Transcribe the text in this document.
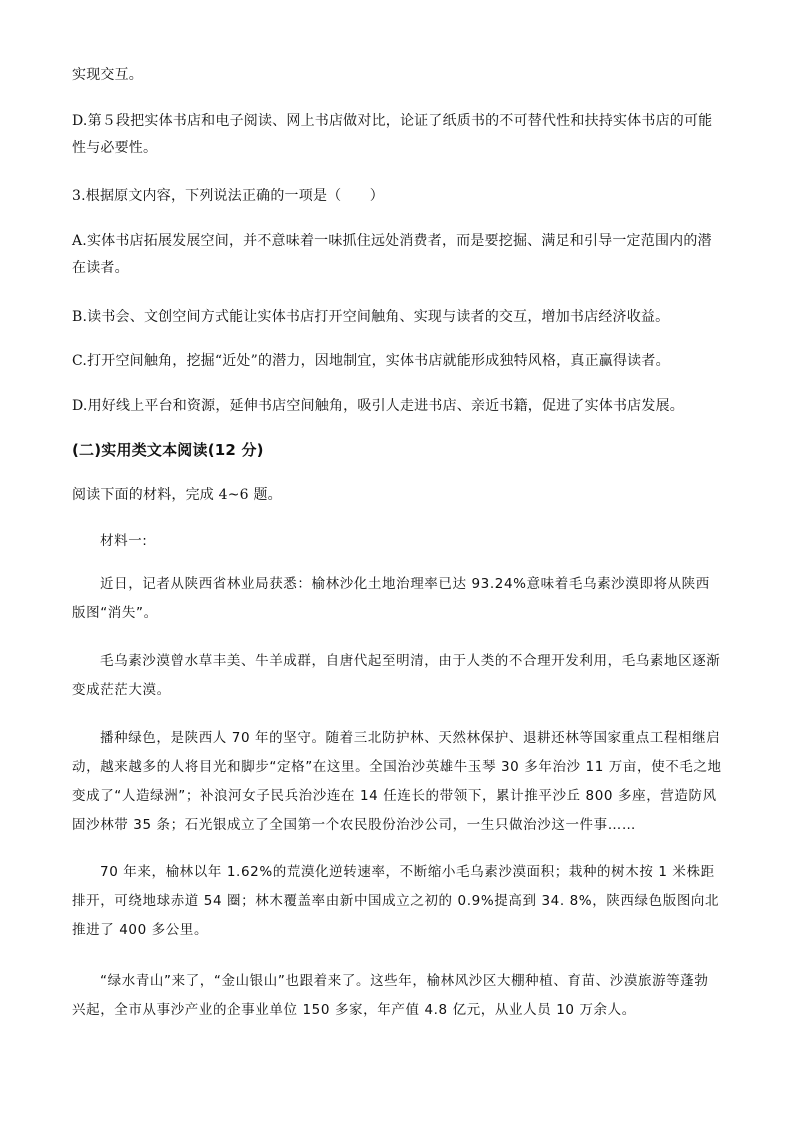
实现交互。

D.第５段把实体书店和电子阅读、网上书店做对比，论证了纸质书的不可替代性和扶持实体书店的可能性与必要性。

3.根据原文内容，下列说法正确的一项是（　　）

A.实体书店拓展发展空间，并不意味着一味抓住远处消费者，而是要挖掘、满足和引导一定范围内的潜在读者。

B.读书会、文创空间方式能让实体书店打开空间触角、实现与读者的交互，增加书店经济收益。

C.打开空间触角，挖掘“近处”的潜力，因地制宜，实体书店就能形成独特风格，真正赢得读者。

D.用好线上平台和资源，延伸书店空间触角，吸引人走进书店、亲近书籍，促进了实体书店发展。

(二)实用类文本阅读(12 分)

阅读下面的材料，完成 4~6 题。

材料一:

近日，记者从陕西省林业局获悉：榆林沙化土地治理率已达 93.24%意味着毛乌素沙漠即将从陕西 版图“消失”。

毛乌素沙漠曾水草丰美、牛羊成群，自唐代起至明清，由于人类的不合理开发利用，毛乌素地区逐渐变成茫茫大漠。

播种绿色，是陕西人 70 年的坚守。随着三北防护林、天然林保护、退耕还林等国家重点工程相继启动，越来越多的人将目光和脚步“定格”在这里。全国治沙英雄牛玉琴 30 多年治沙 11 万亩，使不毛之地变成了“人造绿洲”；补浪河女子民兵治沙连在 14 任连长的带领下，累计推平沙丘 800 多座，营造防风固沙林带 35 条；石光银成立了全国第一个农民股份治沙公司，一生只做治沙这一件事……

70 年来，榆林以年 1.62%的荒漠化逆转速率，不断缩小毛乌素沙漠面积；栽种的树木按 1 米株距排开，可绕地球赤道 54 圈；林木覆盖率由新中国成立之初的 0.9%提高到 34. 8%，陕西绿色版图向北推进了 400 多公里。

“绿水青山”来了，“金山银山”也跟着来了。这些年，榆林风沙区大棚种植、育苗、沙漠旅游等蓬勃兴起，全市从事沙产业的企事业单位 150 多家，年产值 4.8 亿元，从业人员 10 万余人。
